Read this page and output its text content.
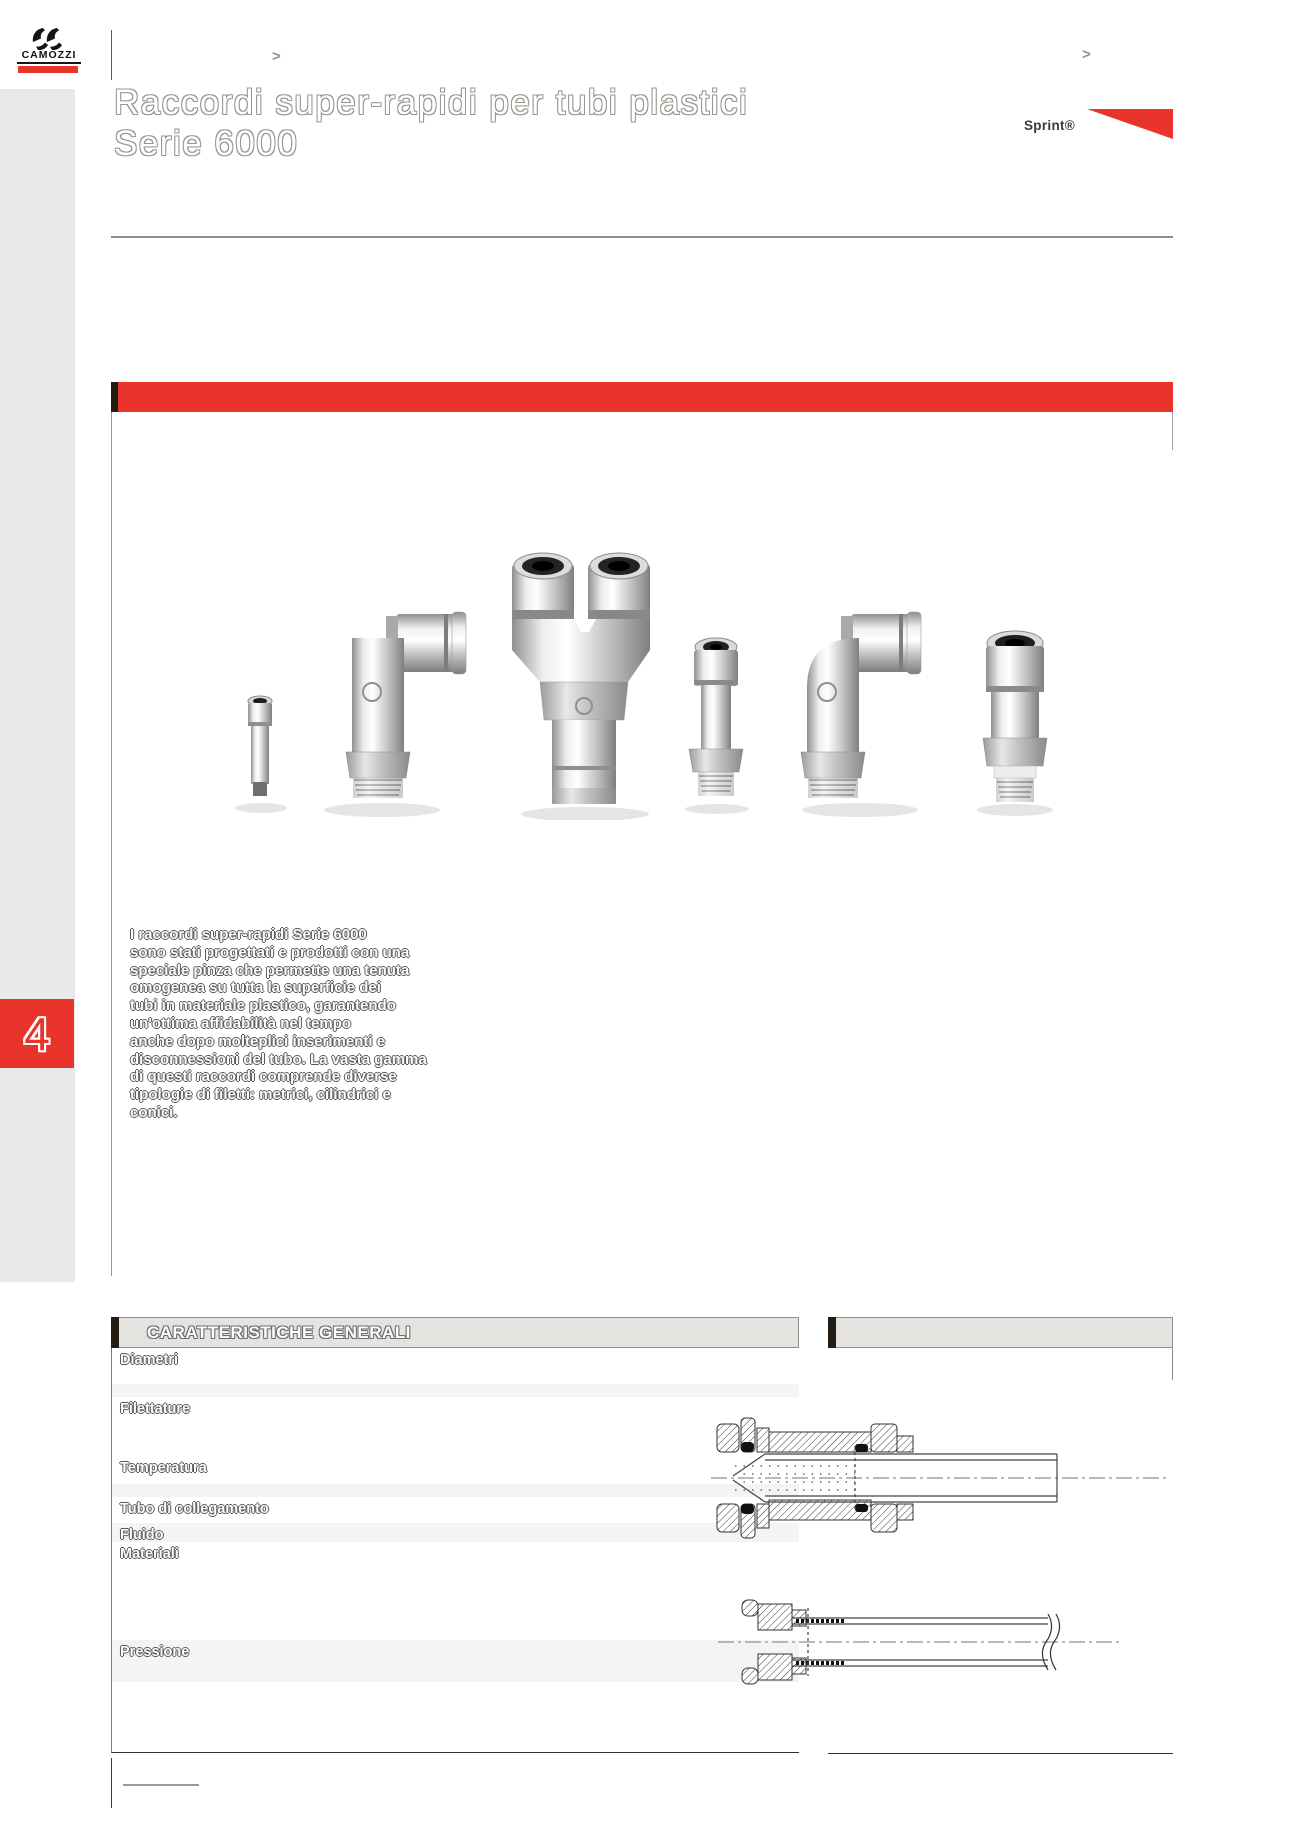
CAMOZZI	>	>
Raccordi super-rapidi per tubi plastici
Serie 6000	Sprint®
4
I raccordi super-rapidi Serie 6000
sono stati progettati e prodotti con una
speciale pinza che permette una tenuta
omogenea su tutta la superficie dei
tubi in materiale plastico, garantendo
un'ottima affidabilità nel tempo
anche dopo molteplici inserimenti e
disconnessioni del tubo. La vasta gamma
di questi raccordi comprende diverse
tipologie di filetti: metrici, cilindrici e
conici.
CARATTERISTICHE GENERALI
Diametri
Filettature
Temperatura
Tubo di collegamento
Fluido
Materiali
Pressione
